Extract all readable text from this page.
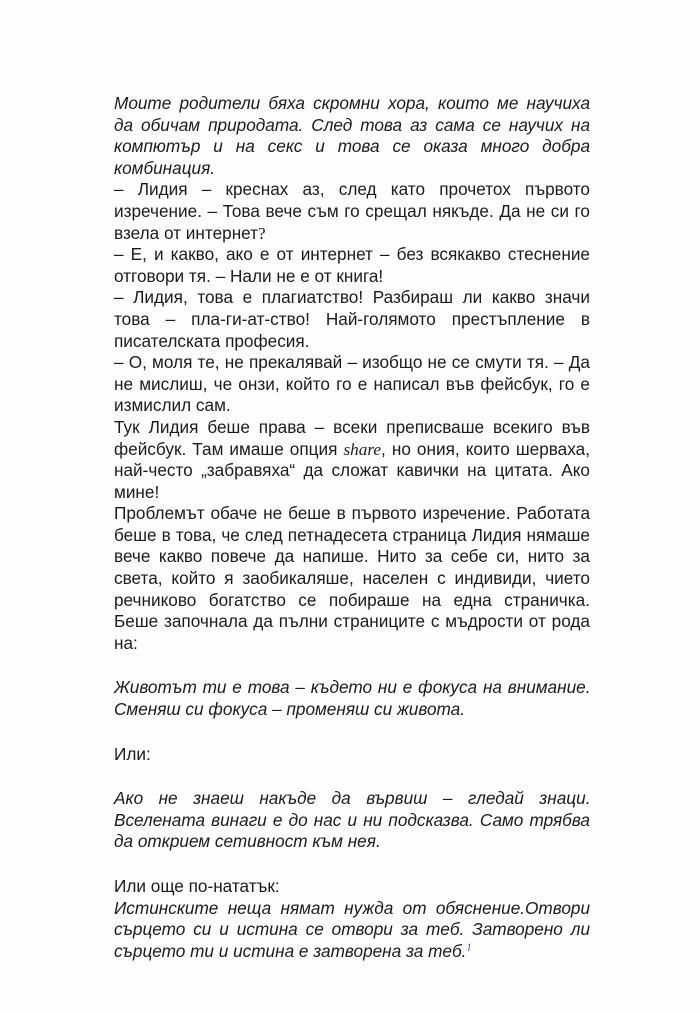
Моите родители бяха скромни хора, които ме научиха да обичам природата. След това аз сама се научих на компютър и на секс и това се оказа много добра комбинация.

– Лидия – креснах аз, след като прочетох първото изречение. – Това вече съм го срещал някъде. Да не си го взела от интернет?

– Е, и какво, ако е от интернет – без всякакво стеснение отговори тя. – Нали не е от книга!

– Лидия, това е плагиатство! Разбираш ли какво значи това – пла-ги-ат-ство! Най-голямото престъпление в писателската професия.

– О, моля те, не прекалявай – изобщо не се смути тя. – Да не мислиш, че онзи, който го е написал във фейсбук, го е измислил сам.

Тук Лидия беше права – всеки преписваше всекиго във фейсбук. Там имаше опция share, но ония, които шерваха, най-често „забравяха“ да сложат кавички на цитата. Ако мине!

Проблемът обаче не беше в първото изречение. Работата беше в това, че след петнадесета страница Лидия нямаше вече какво повече да напише. Нито за себе си, нито за света, който я заобикаляше, населен с индивиди, чието речниково богатство се побираше на една страничка. Беше започнала да пълни страниците с мъдрости от рода на:

Животът ти е това – където ни е фокуса на внимание. Сменяш си фокуса – променяш си живота.

Или:

Ако не знаеш накъде да вървиш – гледай знаци. Вселената винаги е до нас и ни подсказва. Само трябва да открием сетивност към нея.

Или още по-нататък:

Истинските неща нямат нужда от обяснение.Отвори сърцето си и истина се отвори за теб. Затворено ли сърцето ти и истина е затворена за теб.$^1$
